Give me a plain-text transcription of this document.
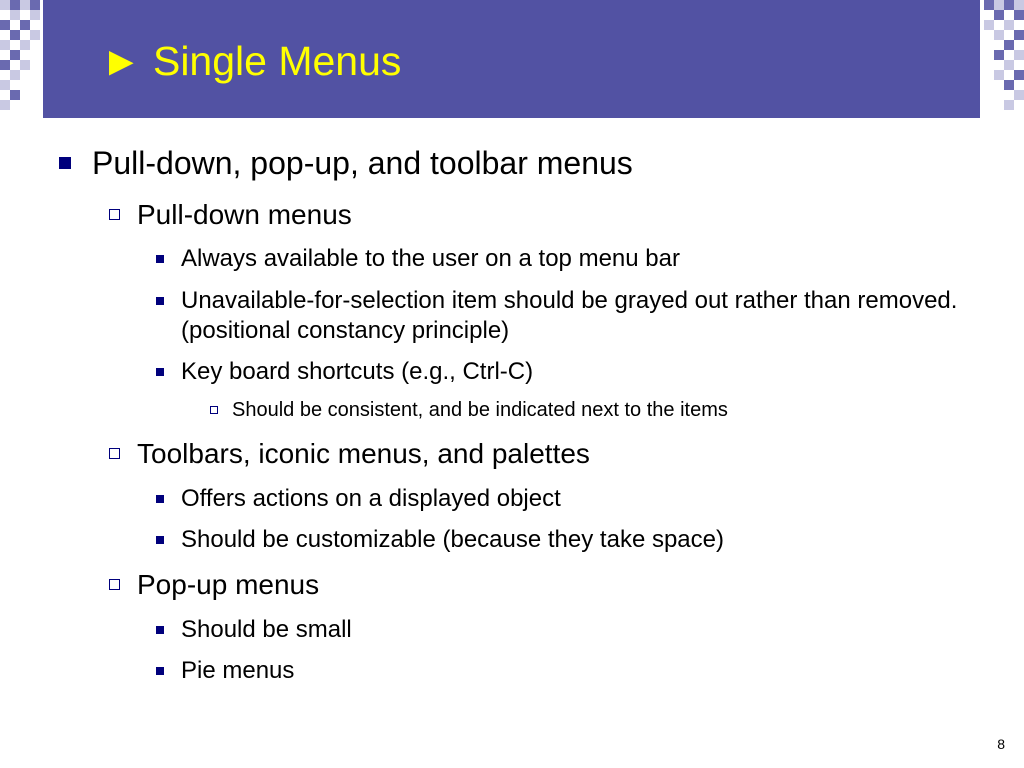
► Single Menus
Pull-down, pop-up, and toolbar menus
Pull-down menus
Always available to the user on a top menu bar
Unavailable-for-selection item should be grayed out rather than removed. (positional constancy principle)
Key board shortcuts (e.g., Ctrl-C)
Should be consistent, and be indicated next to the items
Toolbars, iconic menus, and palettes
Offers actions on a displayed object
Should be customizable (because they take space)
Pop-up menus
Should be small
Pie menus
8
